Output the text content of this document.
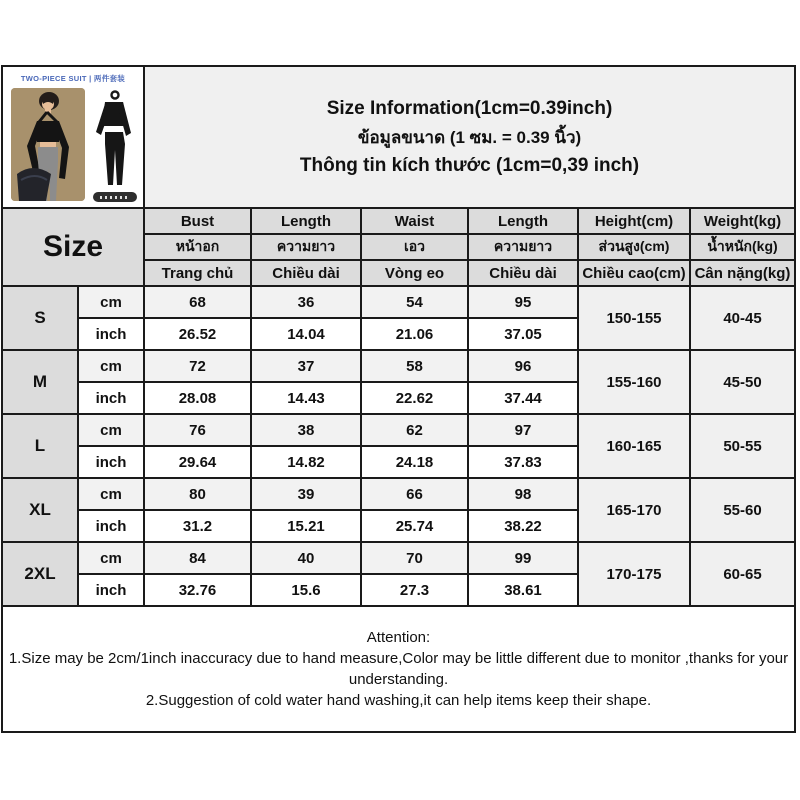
TWO-PIECE SUIT | 两件套装		Size Information(1cm=0.39inch)
ข้อมูลขนาด (1 ซม. = 0.39 นิ้ว)
Thông tin kích thước (1cm=0,39 inch)					

Size		Bust	Length	Waist	Length	Height(cm)	Weight(kg)
		หน้าอก	ความยาว	เอว	ความยาว	ส่วนสูง(cm)	น้ำหนัก(kg)
		Trang chủ	Chiều dài	Vòng eo	Chiều dài	Chiều cao(cm)	Cân nặng(kg)
S	cm	68	36	54	95	150-155	40-45
	inch	26.52	14.04	21.06	37.05		
M	cm	72	37	58	96	155-160	45-50
	inch	28.08	14.43	22.62	37.44		
L	cm	76	38	62	97	160-165	50-55
	inch	29.64	14.82	24.18	37.83		
XL	cm	80	39	66	98	165-170	55-60
	inch	31.2	15.21	25.74	38.22		
2XL	cm	84	40	70	99	170-175	60-65
	inch	32.76	15.6	27.3	38.61		

Attention:
1.Size may be 2cm/1inch inaccuracy due to hand measure,Color may be little different due to monitor ,thanks for your understanding.
2.Suggestion of cold water hand washing,it can help items keep their shape.							
